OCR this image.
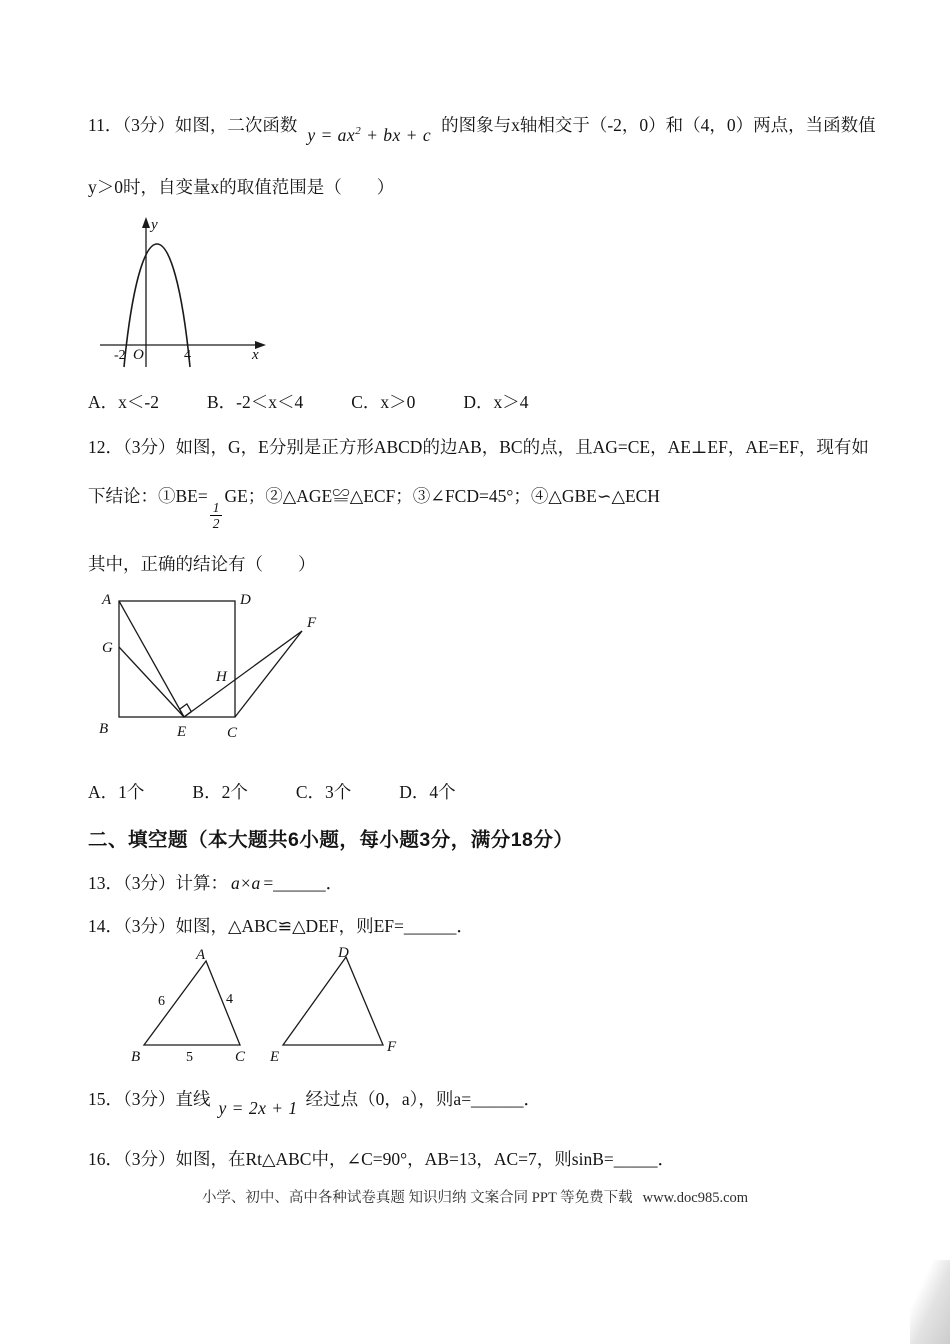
11．（3分）如图，二次函数 $y = ax^2$ + bx + c 的图象与x轴相交于（-2，0）和（4，0）两点，当函数值

y＞0时，自变量x的取值范围是（　　）

y
x
O
-2	4

A．x＜-2	B．-2＜x＜4	C．x＞0	D．x＞4

12．（3分）如图，G，E分别是正方形ABCD的边AB，BC的点，且AG=CE，AE⊥EF，AE=EF，现有如

下结论：①BE=
$\frac{1}{2}$
GE；②△AGE≌△ECF；③∠FCD=45°；④△GBE∽△ECH

其中，正确的结论有（　　）

A	D
B	C
G
E
H
F

A．1个	B．2个	C．3个	D．4个

二、填空题（本大题共6小题，每小题3分，满分18分）

13．（3分）计算： a×a =______．

14．（3分）如图，△ABC≌△DEF，则EF=______．

A
B	C
6	4
5
D
E
F

15．（3分）直线 y = 2x + 1 经过点（0，a），则a=______．

16．（3分）如图，在Rt△ABC中，∠C=90°，AB=13，AC=7，则sinB=_____．

小学、初中、高中各种试卷真题 知识归纳 文案合同 PPT 等免费下载 www.doc985.com
